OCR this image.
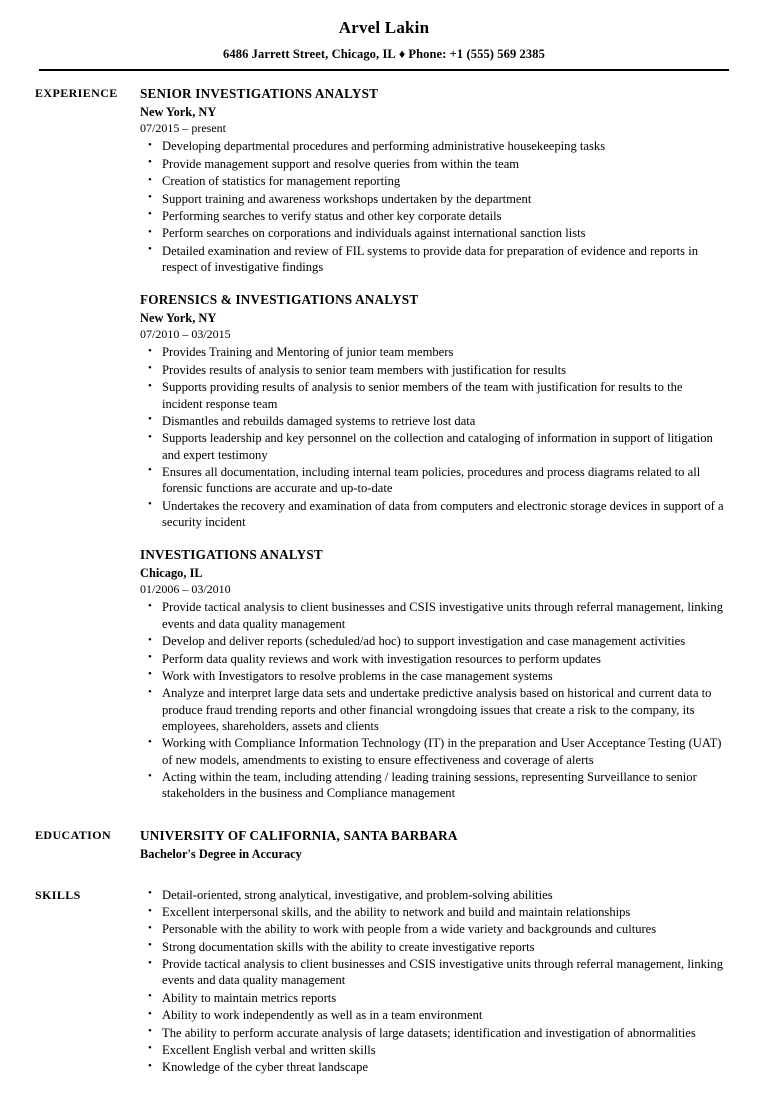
Arvel Lakin
6486 Jarrett Street, Chicago, IL ♦ Phone: +1 (555) 569 2385
EXPERIENCE	SENIOR INVESTIGATIONS ANALYST
New York, NY
07/2015 – present
• Developing departmental procedures and performing administrative housekeeping tasks
• Provide management support and resolve queries from within the team
• Creation of statistics for management reporting
• Support training and awareness workshops undertaken by the department
• Performing searches to verify status and other key corporate details
• Perform searches on corporations and individuals against international sanction lists
• Detailed examination and review of FIL systems to provide data for preparation of evidence and reports in respect of investigative findings
FORENSICS & INVESTIGATIONS ANALYST
New York, NY
07/2010 – 03/2015
• Provides Training and Mentoring of junior team members
• Provides results of analysis to senior team members with justification for results
• Supports providing results of analysis to senior members of the team with justification for results to the incident response team
• Dismantles and rebuilds damaged systems to retrieve lost data
• Supports leadership and key personnel on the collection and cataloging of information in support of litigation and expert testimony
• Ensures all documentation, including internal team policies, procedures and process diagrams related to all forensic functions are accurate and up-to-date
• Undertakes the recovery and examination of data from computers and electronic storage devices in support of a security incident
INVESTIGATIONS ANALYST
Chicago, IL
01/2006 – 03/2010
• Provide tactical analysis to client businesses and CSIS investigative units through referral management, linking events and data quality management
• Develop and deliver reports (scheduled/ad hoc) to support investigation and case management activities
• Perform data quality reviews and work with investigation resources to perform updates
• Work with Investigators to resolve problems in the case management systems
• Analyze and interpret large data sets and undertake predictive analysis based on historical and current data to produce fraud trending reports and other financial wrongdoing issues that create a risk to the company, its employees, shareholders, assets and clients
• Working with Compliance Information Technology (IT) in the preparation and User Acceptance Testing (UAT) of new models, amendments to existing to ensure effectiveness and coverage of alerts
• Acting within the team, including attending / leading training sessions, representing Surveillance to senior stakeholders in the business and Compliance management
EDUCATION	UNIVERSITY OF CALIFORNIA, SANTA BARBARA
Bachelor's Degree in Accuracy
SKILLS	• Detail-oriented, strong analytical, investigative, and problem-solving abilities
• Excellent interpersonal skills, and the ability to network and build and maintain relationships
• Personable with the ability to work with people from a wide variety and backgrounds and cultures
• Strong documentation skills with the ability to create investigative reports
• Provide tactical analysis to client businesses and CSIS investigative units through referral management, linking events and data quality management
• Ability to maintain metrics reports
• Ability to work independently as well as in a team environment
• The ability to perform accurate analysis of large datasets; identification and investigation of abnormalities
• Excellent English verbal and written skills
• Knowledge of the cyber threat landscape
